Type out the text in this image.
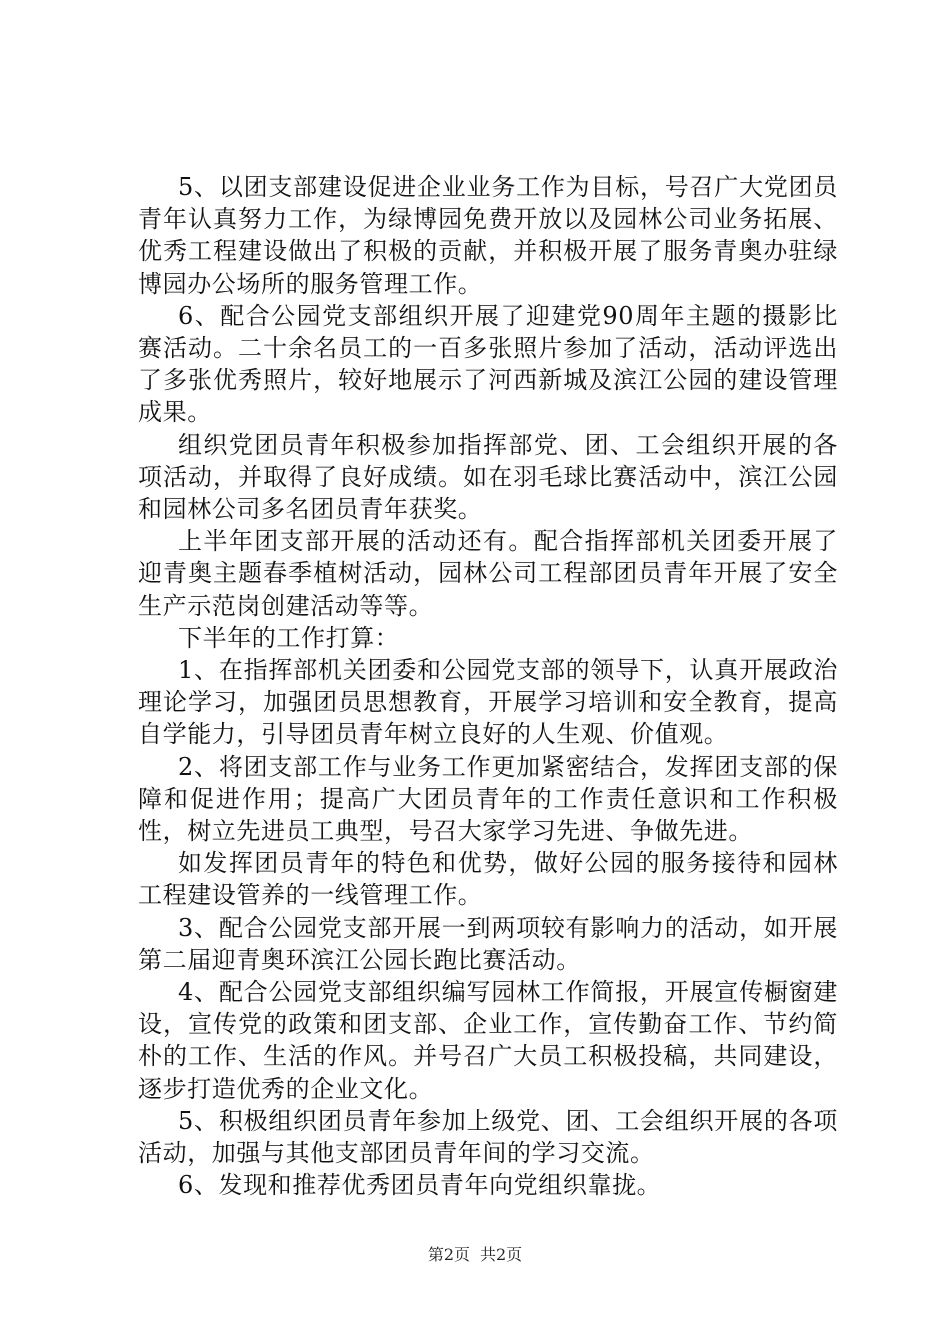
5、以团支部建设促进企业业务工作为目标，号召广大党团员青年认真努力工作，为绿博园免费开放以及园林公司业务拓展、优秀工程建设做出了积极的贡献，并积极开展了服务青奥办驻绿博园办公场所的服务管理工作。

6、配合公园党支部组织开展了迎建党90周年主题的摄影比赛活动。二十余名员工的一百多张照片参加了活动，活动评选出了多张优秀照片，较好地展示了河西新城及滨江公园的建设管理成果。

组织党团员青年积极参加指挥部党、团、工会组织开展的各项活动，并取得了良好成绩。如在羽毛球比赛活动中，滨江公园和园林公司多名团员青年获奖。

上半年团支部开展的活动还有。配合指挥部机关团委开展了迎青奥主题春季植树活动，园林公司工程部团员青年开展了安全生产示范岗创建活动等等。

下半年的工作打算：

1、在指挥部机关团委和公园党支部的领导下，认真开展政治理论学习，加强团员思想教育，开展学习培训和安全教育，提高自学能力，引导团员青年树立良好的人生观、价值观。

2、将团支部工作与业务工作更加紧密结合，发挥团支部的保障和促进作用；提高广大团员青年的工作责任意识和工作积极性，树立先进员工典型，号召大家学习先进、争做先进。

如发挥团员青年的特色和优势，做好公园的服务接待和园林工程建设管养的一线管理工作。

3、配合公园党支部开展一到两项较有影响力的活动，如开展第二届迎青奥环滨江公园长跑比赛活动。

4、配合公园党支部组织编写园林工作简报，开展宣传橱窗建设，宣传党的政策和团支部、企业工作，宣传勤奋工作、节约简朴的工作、生活的作风。并号召广大员工积极投稿，共同建设，逐步打造优秀的企业文化。

5、积极组织团员青年参加上级党、团、工会组织开展的各项活动，加强与其他支部团员青年间的学习交流。

6、发现和推荐优秀团员青年向党组织靠拢。

第2页 共2页
